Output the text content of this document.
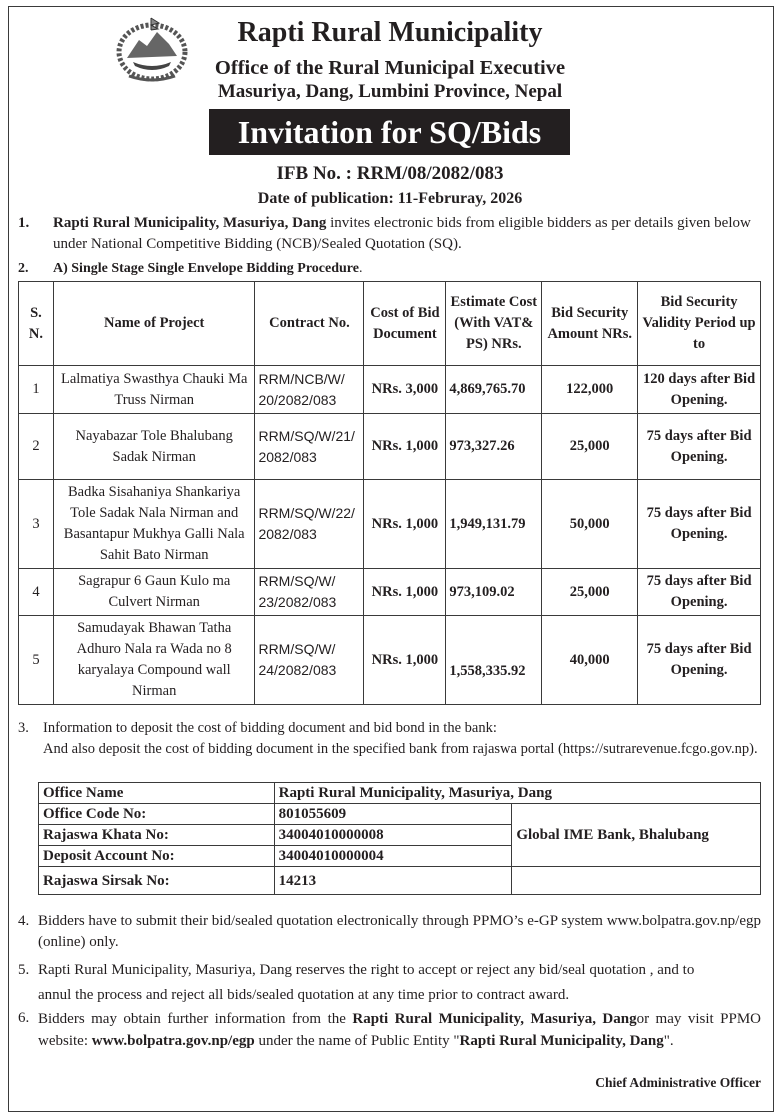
Rapti Rural Municipality
Office of the Rural Municipal Executive
Masuriya, Dang, Lumbini Province, Nepal
Invitation for SQ/Bids
IFB No. : RRM/08/2082/083
Date of publication: 11-Februray, 2026
1. Rapti Rural Municipality, Masuriya, Dang invites electronic bids from eligible bidders as per details given below under National Competitive Bidding (NCB)/Sealed Quotation (SQ).
2. A) Single Stage Single Envelope Bidding Procedure.
S. N.	Name of Project	Contract No.	Cost of Bid Document	Estimate Cost (With VAT& PS) NRs.	Bid Security Amount NRs.	Bid Security Validity Period up to
1	Lalmatiya Swasthya Chauki Ma Truss Nirman	RRM/NCB/W/ 20/2082/083	NRs. 3,000	4,869,765.70	122,000	120 days after Bid Opening.
2	Nayabazar Tole Bhalubang Sadak Nirman	RRM/SQ/W/21/ 2082/083	NRs. 1,000	973,327.26	25,000	75 days after Bid Opening.
3	Badka Sisahaniya Shankariya Tole Sadak Nala Nirman and Basantapur Mukhya Galli Nala Sahit Bato Nirman	RRM/SQ/W/22/ 2082/083	NRs. 1,000	1,949,131.79	50,000	75 days after Bid Opening.
4	Sagrapur 6 Gaun Kulo ma Culvert Nirman	RRM/SQ/W/ 23/2082/083	NRs. 1,000	973,109.02	25,000	75 days after Bid Opening.
5	Samudayak Bhawan Tatha Adhuro Nala ra Wada no 8 karyalaya Compound wall Nirman	RRM/SQ/W/ 24/2082/083	NRs. 1,000	1,558,335.92	40,000	75 days after Bid Opening.
3. Information to deposit the cost of bidding document and bid bond in the bank:
And also deposit the cost of bidding document in the specified bank from rajaswa portal (https://sutrarevenue.fcgo.gov.np).
Office Name	Rapti Rural Municipality, Masuriya, Dang	
Office Code No:	801055609	Global IME Bank, Bhalubang
Rajaswa Khata No:	34004010000008	
Deposit Account No:	34004010000004	
Rajaswa Sirsak No:	14213	
4. Bidders have to submit their bid/sealed quotation electronically through PPMO’s e-GP system www.bolpatra.gov.np/egp (online) only.
5. Rapti Rural Municipality, Masuriya, Dang reserves the right to accept or reject any bid/seal quotation , and to
annul the process and reject all bids/sealed quotation at any time prior to contract award.
6. Bidders may obtain further information from the Rapti Rural Municipality, Masuriya, Dangor may visit PPMO website: www.bolpatra.gov.np/egp under the name of Public Entity "Rapti Rural Municipality, Dang".
Chief Administrative Officer
